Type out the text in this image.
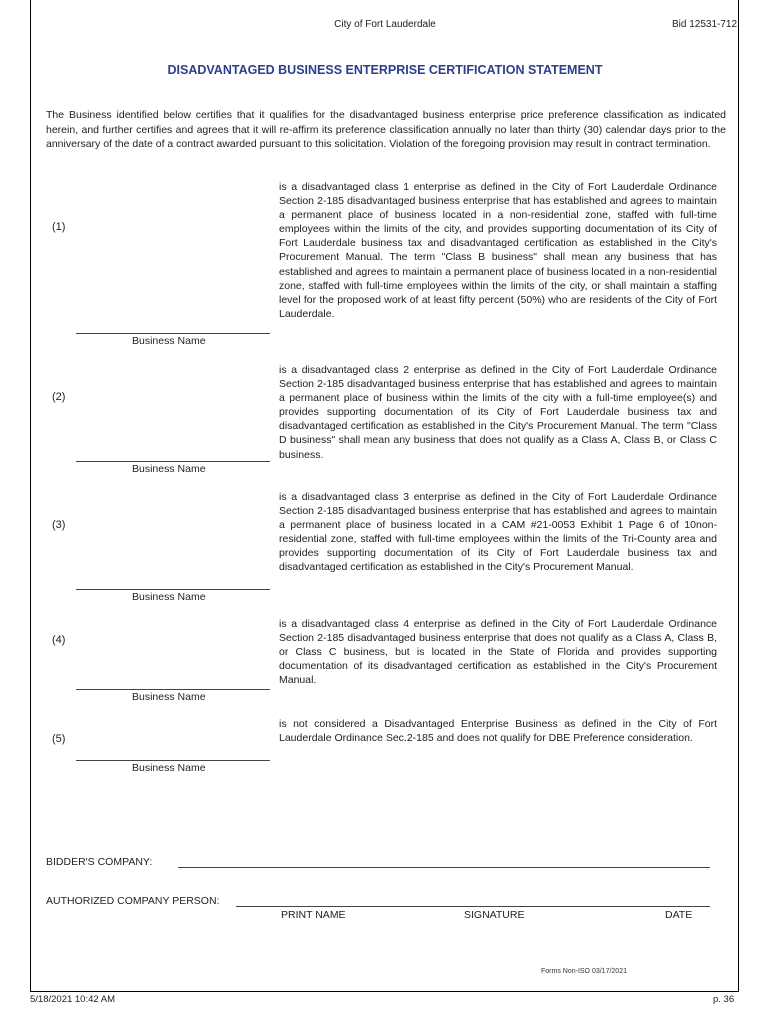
City of Fort Lauderdale	Bid 12531-712
DISADVANTAGED BUSINESS ENTERPRISE CERTIFICATION STATEMENT

The Business identified below certifies that it qualifies for the disadvantaged business enterprise price preference classification as indicated herein, and further certifies and agrees that it will re-affirm its preference classification annually no later than thirty (30) calendar days prior to the anniversary of the date of a contract awarded pursuant to this solicitation. Violation of the foregoing provision may result in contract termination.

(1)

is a disadvantaged class 1 enterprise as defined in the City of Fort Lauderdale Ordinance Section 2-185 disadvantaged business enterprise that has established and agrees to maintain a permanent place of business located in a non-residential zone, staffed with full-time employees within the limits of the city, and provides supporting documentation of its City of Fort Lauderdale business tax and disadvantaged certification as established in the City's Procurement Manual. The term "Class B business" shall mean any business that has established and agrees to maintain a permanent place of business located in a non-residential zone, staffed with full-time employees within the limits of the city, or shall maintain a staffing level for the proposed work of at least fifty percent (50%) who are residents of the City of Fort Lauderdale.

Business Name
(2)

is a disadvantaged class 2 enterprise as defined in the City of Fort Lauderdale Ordinance Section 2-185 disadvantaged business enterprise that has established and agrees to maintain a permanent place of business within the limits of the city with a full-time employee(s) and provides supporting documentation of its City of Fort Lauderdale business tax and disadvantaged certification as established in the City's Procurement Manual. The term "Class D business" shall mean any business that does not qualify as a Class A, Class B, or Class C business.

Business Name
(3)

is a disadvantaged class 3 enterprise as defined in the City of Fort Lauderdale Ordinance Section 2-185 disadvantaged business enterprise that has established and agrees to maintain a permanent place of business located in a CAM #21-0053 Exhibit 1 Page 6 of 10non-residential zone, staffed with full-time employees within the limits of the Tri-County area and provides supporting documentation of its City of Fort Lauderdale business tax and disadvantaged certification as established in the City's Procurement Manual.

Business Name
(4)

is a disadvantaged class 4 enterprise as defined in the City of Fort Lauderdale Ordinance Section 2-185 disadvantaged business enterprise that does not qualify as a Class A, Class B, or Class C business, but is located in the State of Florida and provides supporting documentation of its disadvantaged certification as established in the City's Procurement Manual.

Business Name
(5)

is not considered a Disadvantaged Enterprise Business as defined in the City of Fort Lauderdale Ordinance Sec.2-185 and does not qualify for DBE Preference consideration.

Business Name
BIDDER'S COMPANY:
AUTHORIZED COMPANY PERSON:
PRINT NAME	SIGNATURE	DATE
Forms Non-ISO 03/17/2021
5/18/2021 10:42 AM	p. 36
